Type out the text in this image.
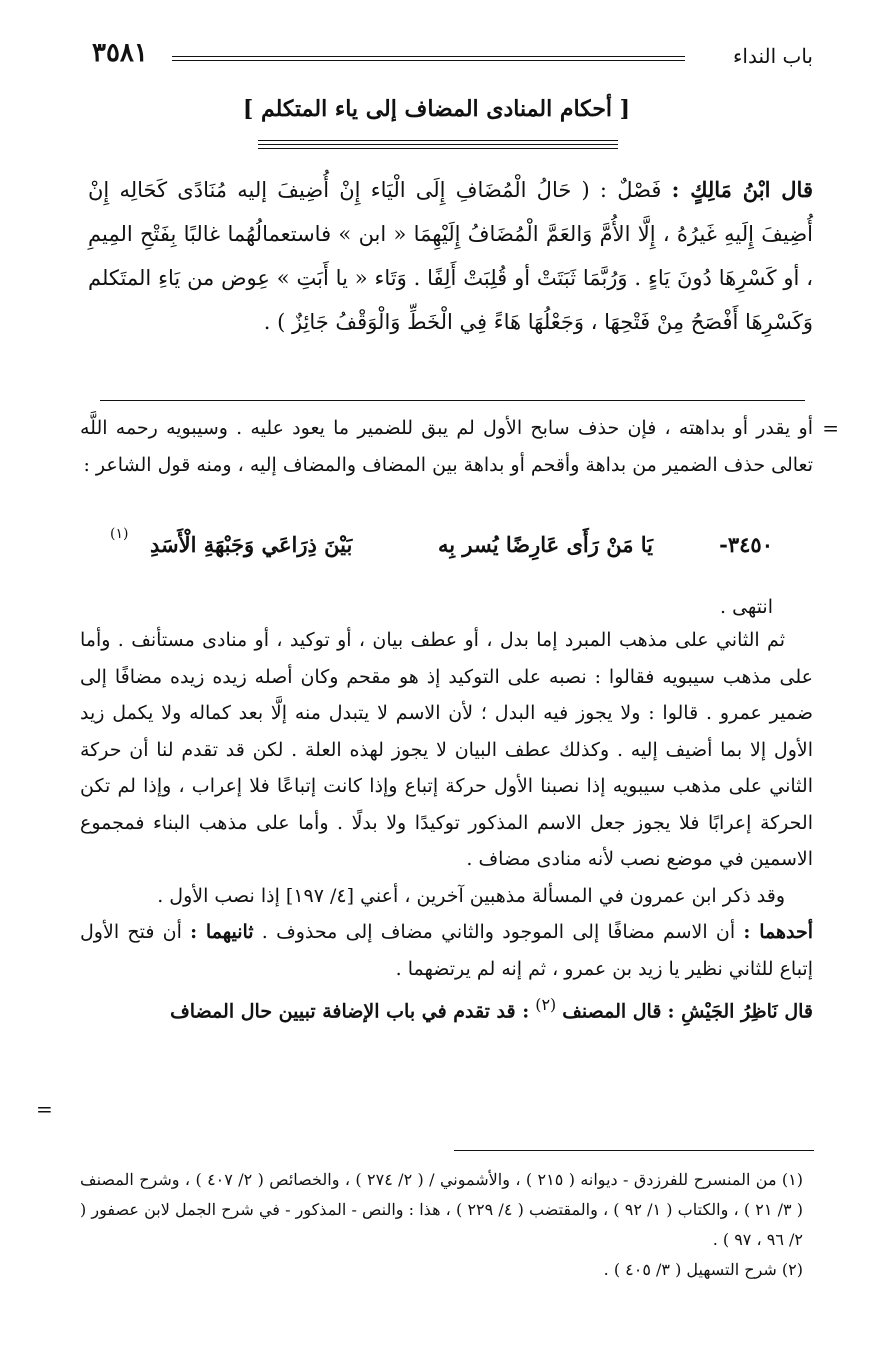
باب النداء
٣٥٨١
[ أحكام المنادى المضاف إلى ياء المتكلم ]
قال ابْنُ مَالِكٍ : فَصْلٌ : ( حَالُ الْمُضَافِ إِلَى الْيَاء إِنْ أُضِيفَ إليه مُنَادًى كَحَالِه إِنْ أُضِيفَ إِلَيهِ غَيرُهُ ، إِلَّا الأُمَّ وَالعَمَّ الْمُضَافُ إِلَيْهِمَا « ابن » فاستعمالُهُما غالبًا بِفَتْحِ المِيمِ ، أو كَسْرِهَا دُونَ يَاءٍ . وَرُبَّمَا ثَبَتَتْ أو قُلِبَتْ أَلِفًا . وَتَاء « يا أَبَتِ » عِوض من يَاءِ المتَكلم وَكَسْرِهَا أَفْصَحُ مِنْ فَتْحِهَا ، وَجَعْلُهَا هَاءً فِي الْخَطِّ وَالْوَقْفُ جَائِزٌ ) .
=

أو يقدر أو بداهته ، فإن حذف سابح الأول لم يبق للضمير ما يعود عليه . وسيبويه رحمه اللَّه تعالى حذف الضمير من بداهة وأقحم أو بداهة بين المضاف والمضاف إليه ، ومنه قول الشاعر :

٣٤٥٠-
يَا مَنْ رَأَى عَارِضًا يُسر بِه
بَيْنَ ذِرَاعَي وَجَبْهَةِ الْأَسَدِ
(١)
انتهى .

ثم الثاني على مذهب المبرد إما بدل ، أو عطف بيان ، أو توكيد ، أو منادى مستأنف . وأما على مذهب سيبويه فقالوا : نصبه على التوكيد إذ هو مقحم وكان أصله زيده زيده مضافًا إلى ضمير عمرو . قالوا : ولا يجوز فيه البدل ؛ لأن الاسم لا يتبدل منه إلَّا بعد كماله ولا يكمل زيد الأول إلا بما أضيف إليه . وكذلك عطف البيان لا يجوز لهذه العلة . لكن قد تقدم لنا أن حركة الثاني على مذهب سيبويه إذا نصبنا الأول حركة إتباع وإذا كانت إتباعًا فلا إعراب ، وإذا لم تكن الحركة إعرابًا فلا يجوز جعل الاسم المذكور توكيدًا ولا بدلًا . وأما على مذهب البناء فمجموع الاسمين في موضع نصب لأنه منادى مضاف .

وقد ذكر ابن عمرون في المسألة مذهبين آخرين ، أعني [٤/ ١٩٧] إذا نصب الأول .

أحدهما : أن الاسم مضافًا إلى الموجود والثاني مضاف إلى محذوف . ثانيهما : أن فتح الأول إتباع للثاني نظير يا زيد بن عمرو ، ثم إنه لم يرتضهما .

قال نَاظِرُ الجَيْشِ : قال المصنف $^{(٢)}$ : قد تقدم في باب الإضافة تبيين حال المضاف

=

(١) من المنسرح للفرزدق - ديوانه ( ٢١٥ ) ، والأشموني / ( ٢/ ٢٧٤ ) ، والخصائص ( ٢/ ٤٠٧ ) ، وشرح المصنف ( ٣/ ٢١ ) ، والكتاب ( ١/ ٩٢ ) ، والمقتضب ( ٤/ ٢٢٩ ) ، هذا : والنص - المذكور - في شرح الجمل لابن عصفور ( ٢/ ٩٦ ، ٩٧ ) .

(٢) شرح التسهيل ( ٣/ ٤٠٥ ) .
